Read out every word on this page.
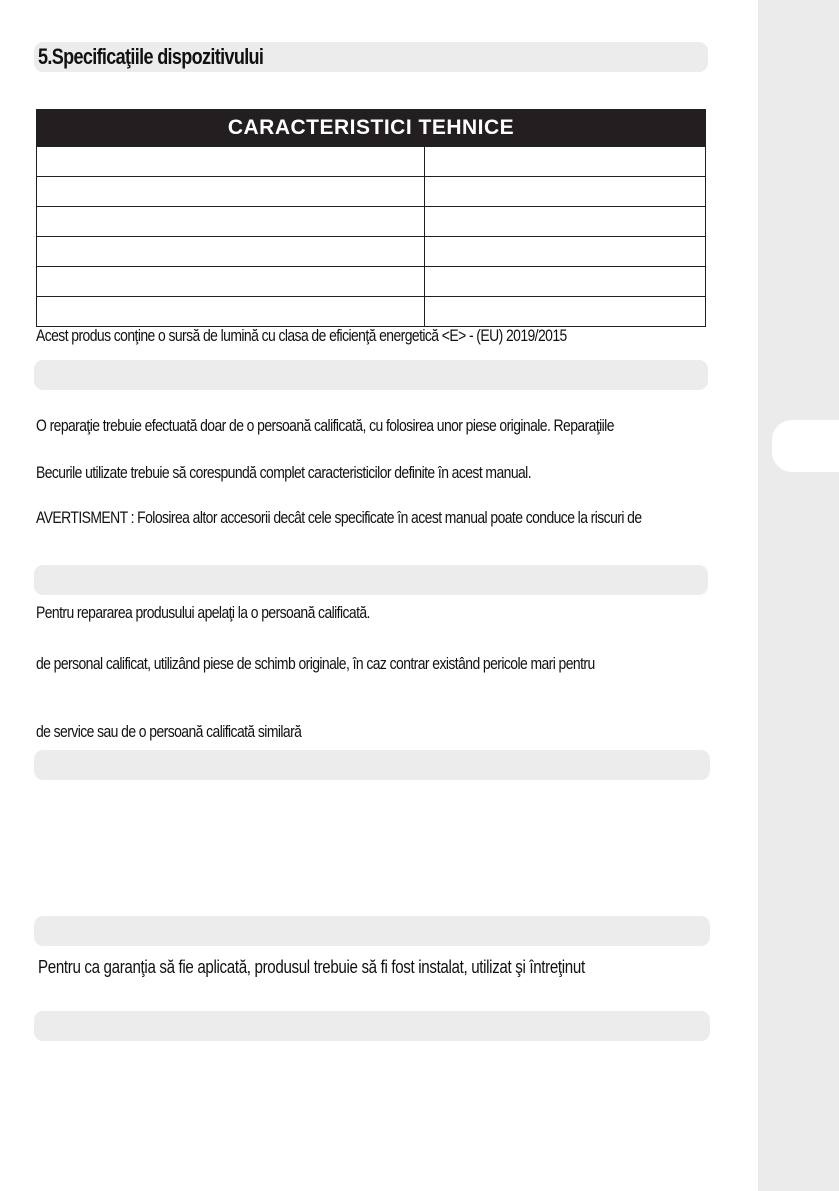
5.Specificaţiile dispozitivului
CARACTERISTICI TEHNICE	

Acest produs conţine o sursă de lumină cu clasa de eficienţă energetică <E> - (EU) 2019/2015
O reparaţie trebuie efectuată doar de o persoană calificată, cu folosirea unor piese originale. Reparaţiile
Becurile utilizate trebuie să corespundă complet caracteristicilor definite în acest manual.
AVERTISMENT : Folosirea altor accesorii decât cele specificate în acest manual poate conduce la riscuri de
Pentru repararea produsului apelaţi la o persoană calificată.
de personal calificat, utilizând piese de schimb originale, în caz contrar existând pericole mari pentru
de service sau de o persoană calificată similară
Pentru ca garanţia să fie aplicată, produsul trebuie să fi fost instalat, utilizat şi întreţinut
